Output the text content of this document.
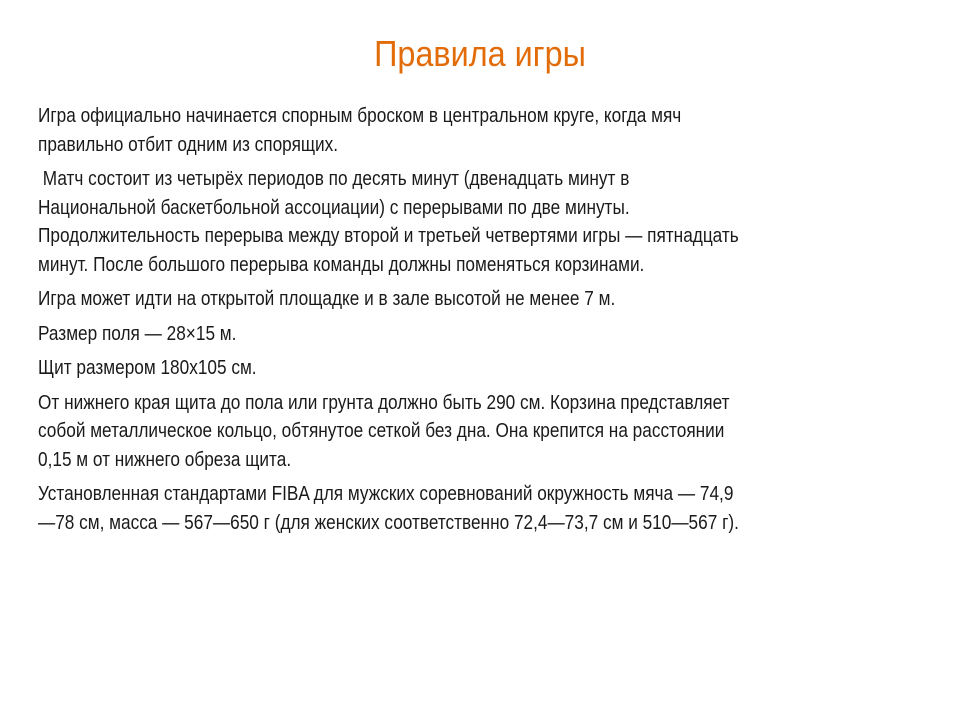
Правила игры
Игра официально начинается спорным броском в центральном круге, когда мяч
правильно отбит одним из спорящих.
Матч состоит из четырёх периодов по десять минут (двенадцать минут в
Национальной баскетбольной ассоциации) с перерывами по две минуты.
Продолжительность перерыва между второй и третьей четвертями игры — пятнадцать
минут. После большого перерыва команды должны поменяться корзинами.
Игра может идти на открытой площадке и в зале высотой не менее 7 м.
Размер поля — 28×15 м.
Щит размером 180х105 см.
От нижнего края щита до пола или грунта должно быть 290 см. Корзина представляет
собой металлическое кольцо, обтянутое сеткой без дна. Она крепится на расстоянии
0,15 м от нижнего обреза щита.
Установленная стандартами FIBA для мужских соревнований окружность мяча — 74,9
—78 см, масса — 567—650 г (для женских соответственно 72,4—73,7 см и 510—567 г).
